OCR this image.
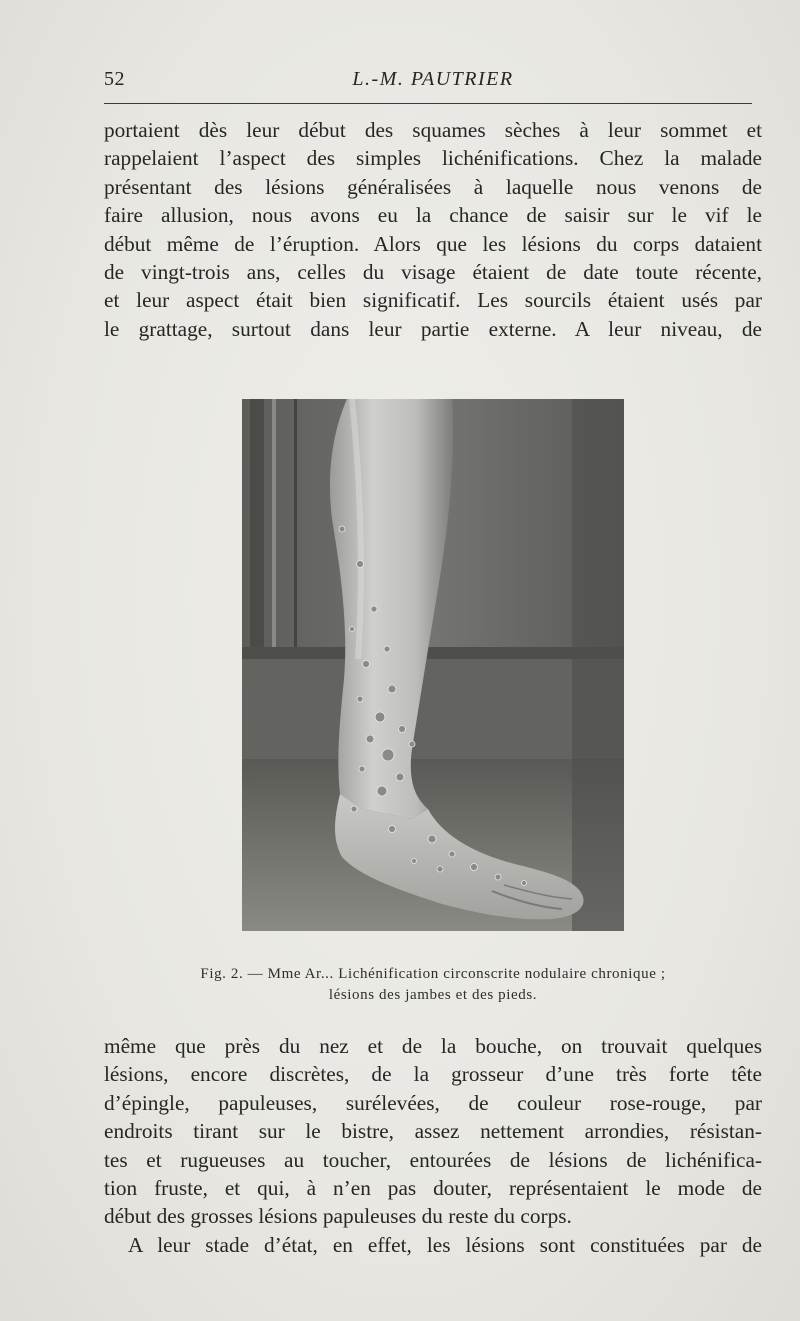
52	L.-M. PAUTRIER
portaient dès leur début des squames sèches à leur sommet et
rappelaient l’aspect des simples lichénifications. Chez la malade
présentant des lésions généralisées à laquelle nous venons de
faire allusion, nous avons eu la chance de saisir sur le vif le
début même de l’éruption. Alors que les lésions du corps dataient
de vingt-trois ans, celles du visage étaient de date toute récente,
et leur aspect était bien significatif. Les sourcils étaient usés par
le grattage, surtout dans leur partie externe. A leur niveau, de
Fig. 2. — Mme Ar... Lichénification circonscrite nodulaire chronique ;
lésions des jambes et des pieds.
même que près du nez et de la bouche, on trouvait quelques
lésions, encore discrètes, de la grosseur d’une très forte tête
d’épingle, papuleuses, surélevées, de couleur rose-rouge, par
endroits tirant sur le bistre, assez nettement arrondies, résistan-
tes et rugueuses au toucher, entourées de lésions de lichénifica-
tion fruste, et qui, à n’en pas douter, représentaient le mode de
début des grosses lésions papuleuses du reste du corps.
A leur stade d’état, en effet, les lésions sont constituées par de
